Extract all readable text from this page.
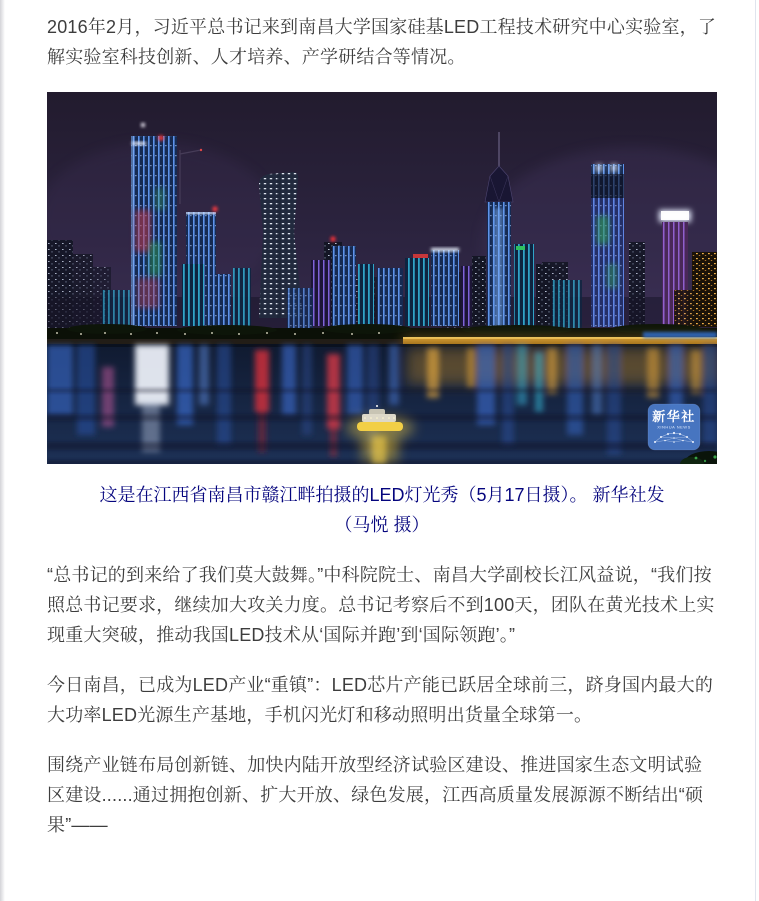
2016年2月，习近平总书记来到南昌大学国家硅基LED工程技术研究中心实验室，了解实验室科技创新、人才培养、产学研结合等情况。

新华社
XINHUA NEWS
这是在江西省南昌市赣江畔拍摄的LED灯光秀（5月17日摄）。 新华社发
（马悦 摄）

“总书记的到来给了我们莫大鼓舞。”中科院院士、南昌大学副校长江风益说，“我们按照总书记要求，继续加大攻关力度。总书记考察后不到100天，团队在黄光技术上实现重大突破，推动我国LED技术从‘国际并跑’到‘国际领跑’。”

今日南昌，已成为LED产业“重镇”：LED芯片产能已跃居全球前三，跻身国内最大的大功率LED光源生产基地，手机闪光灯和移动照明出货量全球第一。

围绕产业链布局创新链、加快内陆开放型经济试验区建设、推进国家生态文明试验区建设......通过拥抱创新、扩大开放、绿色发展，江西高质量发展源源不断结出“硕果”——
